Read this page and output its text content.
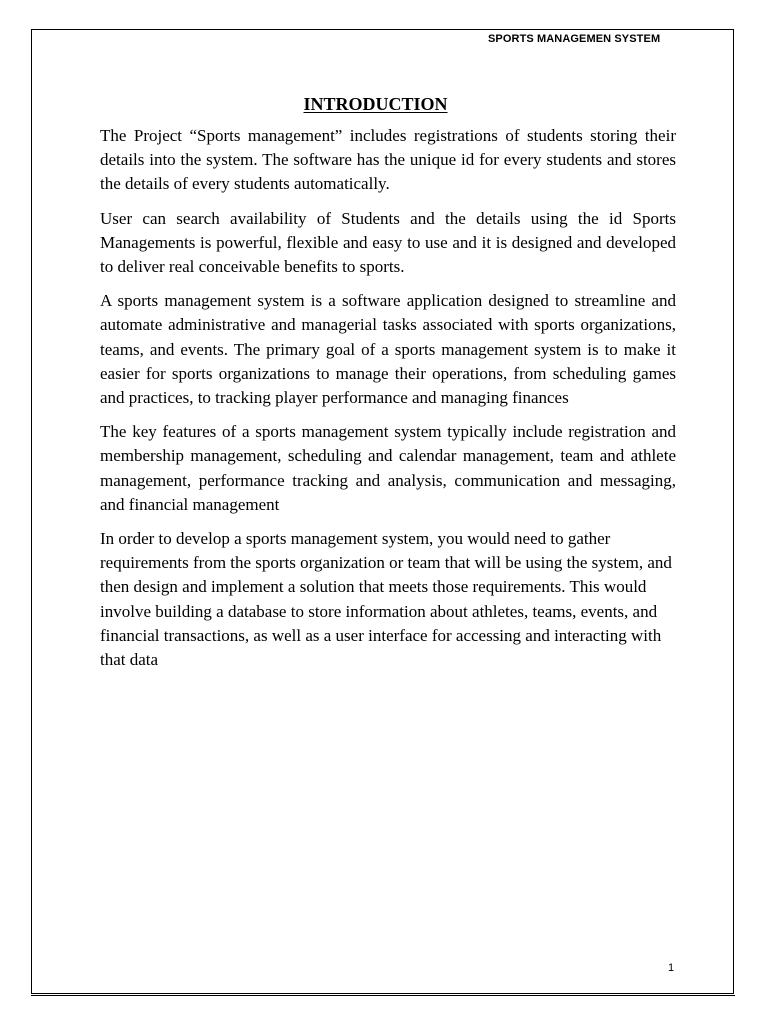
SPORTS MANAGEMEN SYSTEM
INTRODUCTION

The Project “Sports management” includes registrations of students storing their details into the system. The software has the unique id for every students and stores the details of every students automatically.

User can search availability of Students and the details using the id Sports Managements is powerful, flexible and easy to use and it is designed and developed to deliver real conceivable benefits to sports.

A sports management system is a software application designed to streamline and automate administrative and managerial tasks associated with sports organizations, teams, and events. The primary goal of a sports management system is to make it easier for sports organizations to manage their operations, from scheduling games and practices, to tracking player performance and managing finances

The key features of a sports management system typically include registration and membership management, scheduling and calendar management, team and athlete management, performance tracking and analysis, communication and messaging, and financial management

In order to develop a sports management system, you would need to gather requirements from the sports organization or team that will be using the system, and then design and implement a solution that meets those requirements. This would involve building a database to store information about athletes, teams, events, and financial transactions, as well as a user interface for accessing and interacting with that data

1
